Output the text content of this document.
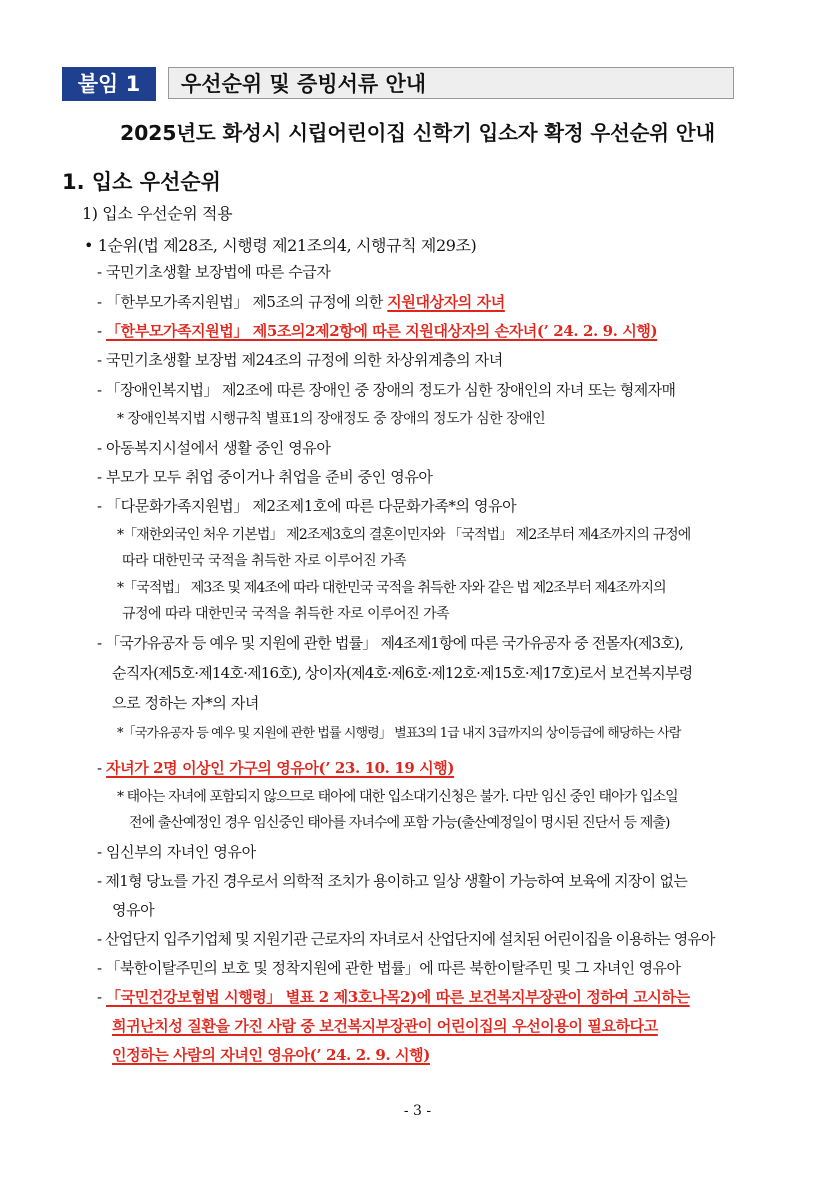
붙임 1	우선순위 및 증빙서류 안내
2025년도 화성시 시립어린이집 신학기 입소자 확정 우선순위 안내
1. 입소 우선순위
1) 입소 우선순위 적용
• 1순위(법 제28조, 시행령 제21조의4, 시행규칙 제29조)
- 국민기초생활 보장법에 따른 수급자
- 「한부모가족지원법」 제5조의 규정에 의한 지원대상자의 자녀
- 「한부모가족지원법」 제5조의2제2항에 따른 지원대상자의 손자녀(’ 24. 2. 9. 시행)
- 국민기초생활 보장법 제24조의 규정에 의한 차상위계층의 자녀
- 「장애인복지법」 제2조에 따른 장애인 중 장애의 정도가 심한 장애인의 자녀 또는 형제자매
* 장애인복지법 시행규칙 별표1의 장애정도 중 장애의 정도가 심한 장애인
- 아동복지시설에서 생활 중인 영유아
- 부모가 모두 취업 중이거나 취업을 준비 중인 영유아
- 「다문화가족지원법」 제2조제1호에 따른 다문화가족*의 영유아
*「재한외국인 처우 기본법」 제2조제3호의 결혼이민자와 「국적법」 제2조부터 제4조까지의 규정에
따라 대한민국 국적을 취득한 자로 이루어진 가족
*「국적법」 제3조 및 제4조에 따라 대한민국 국적을 취득한 자와 같은 법 제2조부터 제4조까지의
규정에 따라 대한민국 국적을 취득한 자로 이루어진 가족
- 「국가유공자 등 예우 및 지원에 관한 법률」 제4조제1항에 따른 국가유공자 중 전몰자(제3호),
순직자(제5호·제14호·제16호), 상이자(제4호·제6호·제12호·제15호·제17호)로서 보건복지부령
으로 정하는 자*의 자녀
*「국가유공자 등 예우 및 지원에 관한 법률 시행령」 별표3의 1급 내지 3급까지의 상이등급에 해당하는 사람
- 자녀가 2명 이상인 가구의 영유아(’ 23. 10. 19 시행)
* 태아는 자녀에 포함되지 않으므로 태아에 대한 입소대기신청은 불가. 다만 임신 중인 태아가 입소일
전에 출산예정인 경우 임신중인 태아를 자녀수에 포함 가능(출산예정일이 명시된 진단서 등 제출)
- 임신부의 자녀인 영유아
- 제1형 당뇨를 가진 경우로서 의학적 조치가 용이하고 일상 생활이 가능하여 보육에 지장이 없는
영유아
- 산업단지 입주기업체 및 지원기관 근로자의 자녀로서 산업단지에 설치된 어린이집을 이용하는 영유아
- 「북한이탈주민의 보호 및 정착지원에 관한 법률」에 따른 북한이탈주민 및 그 자녀인 영유아
- 「국민건강보험법 시행령」 별표 2 제3호나목2)에 따른 보건복지부장관이 정하여 고시하는
희귀난치성 질환을 가진 사람 중 보건복지부장관이 어린이집의 우선이용이 필요하다고
인정하는 사람의 자녀인 영유아(’ 24. 2. 9. 시행)
- 3 -
